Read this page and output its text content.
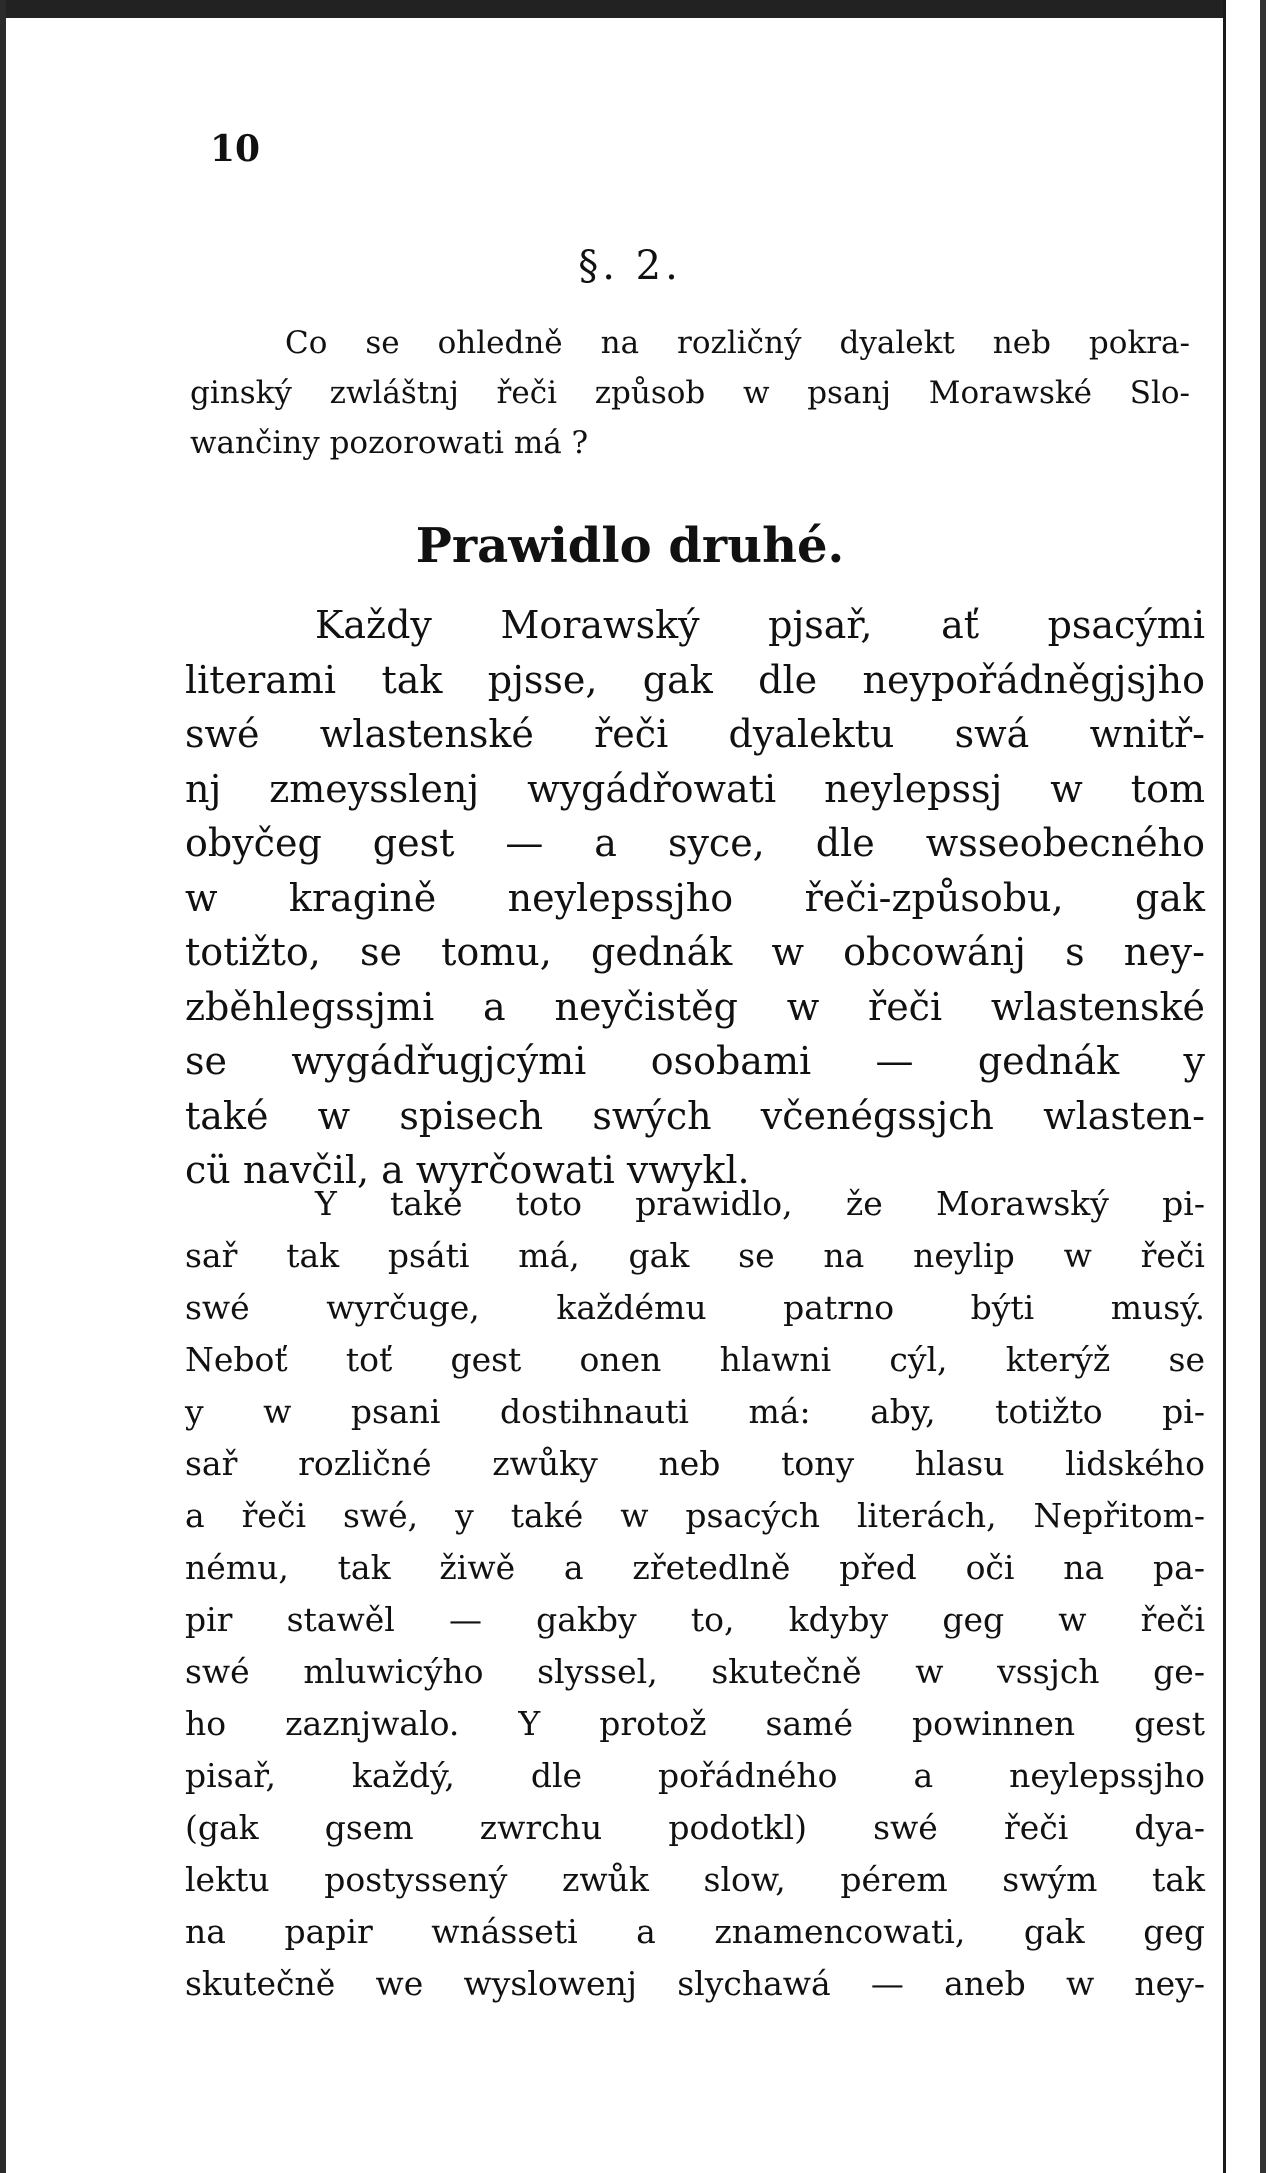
10
§. 2.
Co se ohledně na rozličný dyalekt neb pokra-
ginský zwláštnj řeči způsob w psanj Morawské Slo-
wančiny pozorowati má ?
Prawidlo druhé.
Každy Morawský pjsař, ať psacými
literami tak pjsse, gak dle neypořádněgjsjho
swé wlastenské řeči dyalektu swá wnitř-
nj zmeysslenj wygádřowati neylepssj w tom
obyčeg gest — a syce, dle wsseobecného
w kragině neylepssjho řeči-způsobu, gak
totižto, se tomu, gednák w obcowánj s ney-
zběhlegssjmi a neyčistěg w řeči wlastenské
se wygádřugjcými osobami — gednák y
také w spisech swých včenégssjch wlasten-
cü navčil, a wyrčowati vwykl.
Y také toto prawidlo, že Morawský pi-
sař tak psáti má, gak se na neylip w řeči
swé wyrčuge, každému patrno býti musý.
Neboť toť gest onen hlawni cýl, kterýž se
y w psani dostihnauti má: aby, totižto pi-
sař rozličné zwůky neb tony hlasu lidského
a řeči swé, y také w psacých literách, Nepřitom-
nému, tak žiwě a zřetedlně před oči na pa-
pir stawěl — gakby to, kdyby geg w řeči
swé mluwicýho slyssel, skutečně w vssjch ge-
ho zaznjwalo. Y protož samé powinnen gest
pisař, každý, dle pořádného a neylepssjho
(gak gsem zwrchu podotkl) swé řeči dya-
lektu postyssený zwůk slow, pérem swým tak
na papir wnásseti a znamencowati, gak geg
skutečně we wyslowenj slychawá — aneb w ney-
